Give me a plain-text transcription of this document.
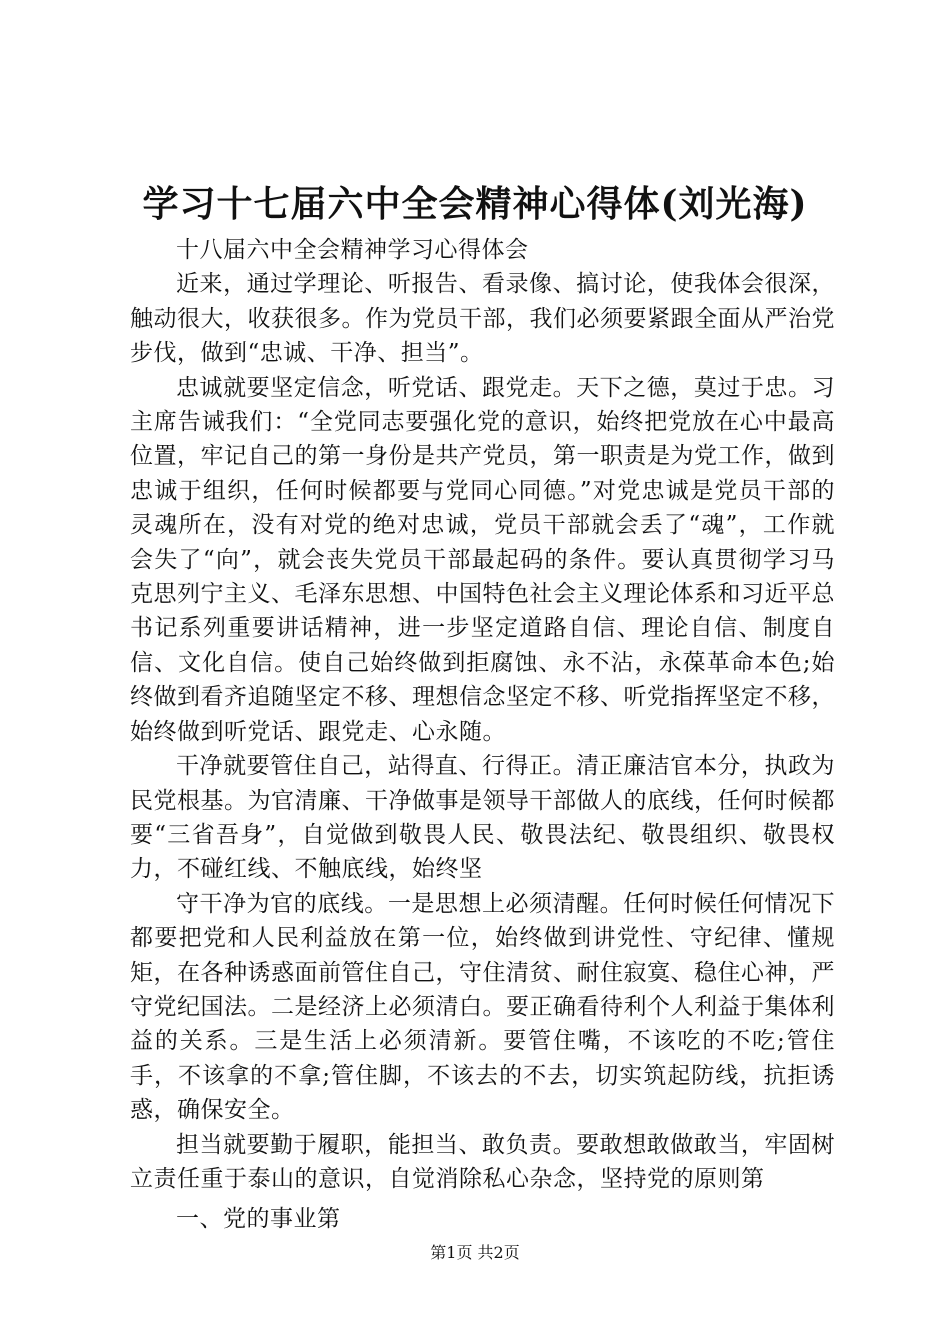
学习十七届六中全会精神心得体(刘光海)

十八届六中全会精神学习心得体会

近来，通过学理论、听报告、看录像、搞讨论，使我体会很深，触动很大，收获很多。作为党员干部，我们必须要紧跟全面从严治党步伐，做到“忠诚、干净、担当”。

忠诚就要坚定信念，听党话、跟党走。天下之德，莫过于忠。习主席告诫我们：“全党同志要强化党的意识，始终把党放在心中最高位置，牢记自己的第一身份是共产党员，第一职责是为党工作，做到忠诚于组织，任何时候都要与党同心同德。”对党忠诚是党员干部的灵魂所在，没有对党的绝对忠诚，党员干部就会丢了“魂”，工作就会失了“向”，就会丧失党员干部最起码的条件。要认真贯彻学习马克思列宁主义、毛泽东思想、中国特色社会主义理论体系和习近平总书记系列重要讲话精神，进一步坚定道路自信、理论自信、制度自信、文化自信。使自己始终做到拒腐蚀、永不沾，永葆革命本色;始终做到看齐追随坚定不移、理想信念坚定不移、听党指挥坚定不移，始终做到听党话、跟党走、心永随。

干净就要管住自己，站得直、行得正。清正廉洁官本分，执政为民党根基。为官清廉、干净做事是领导干部做人的底线，任何时候都要“三省吾身”，自觉做到敬畏人民、敬畏法纪、敬畏组织、敬畏权力，不碰红线、不触底线，始终坚

守干净为官的底线。一是思想上必须清醒。任何时候任何情况下都要把党和人民利益放在第一位，始终做到讲党性、守纪律、懂规矩，在各种诱惑面前管住自己，守住清贫、耐住寂寞、稳住心神，严守党纪国法。二是经济上必须清白。要正确看待利个人利益于集体利益的关系。三是生活上必须清新。要管住嘴，不该吃的不吃;管住手，不该拿的不拿;管住脚，不该去的不去，切实筑起防线，抗拒诱惑，确保安全。

担当就要勤于履职，能担当、敢负责。要敢想敢做敢当，牢固树立责任重于泰山的意识，自觉消除私心杂念，坚持党的原则第

一、党的事业第

第1页 共2页
